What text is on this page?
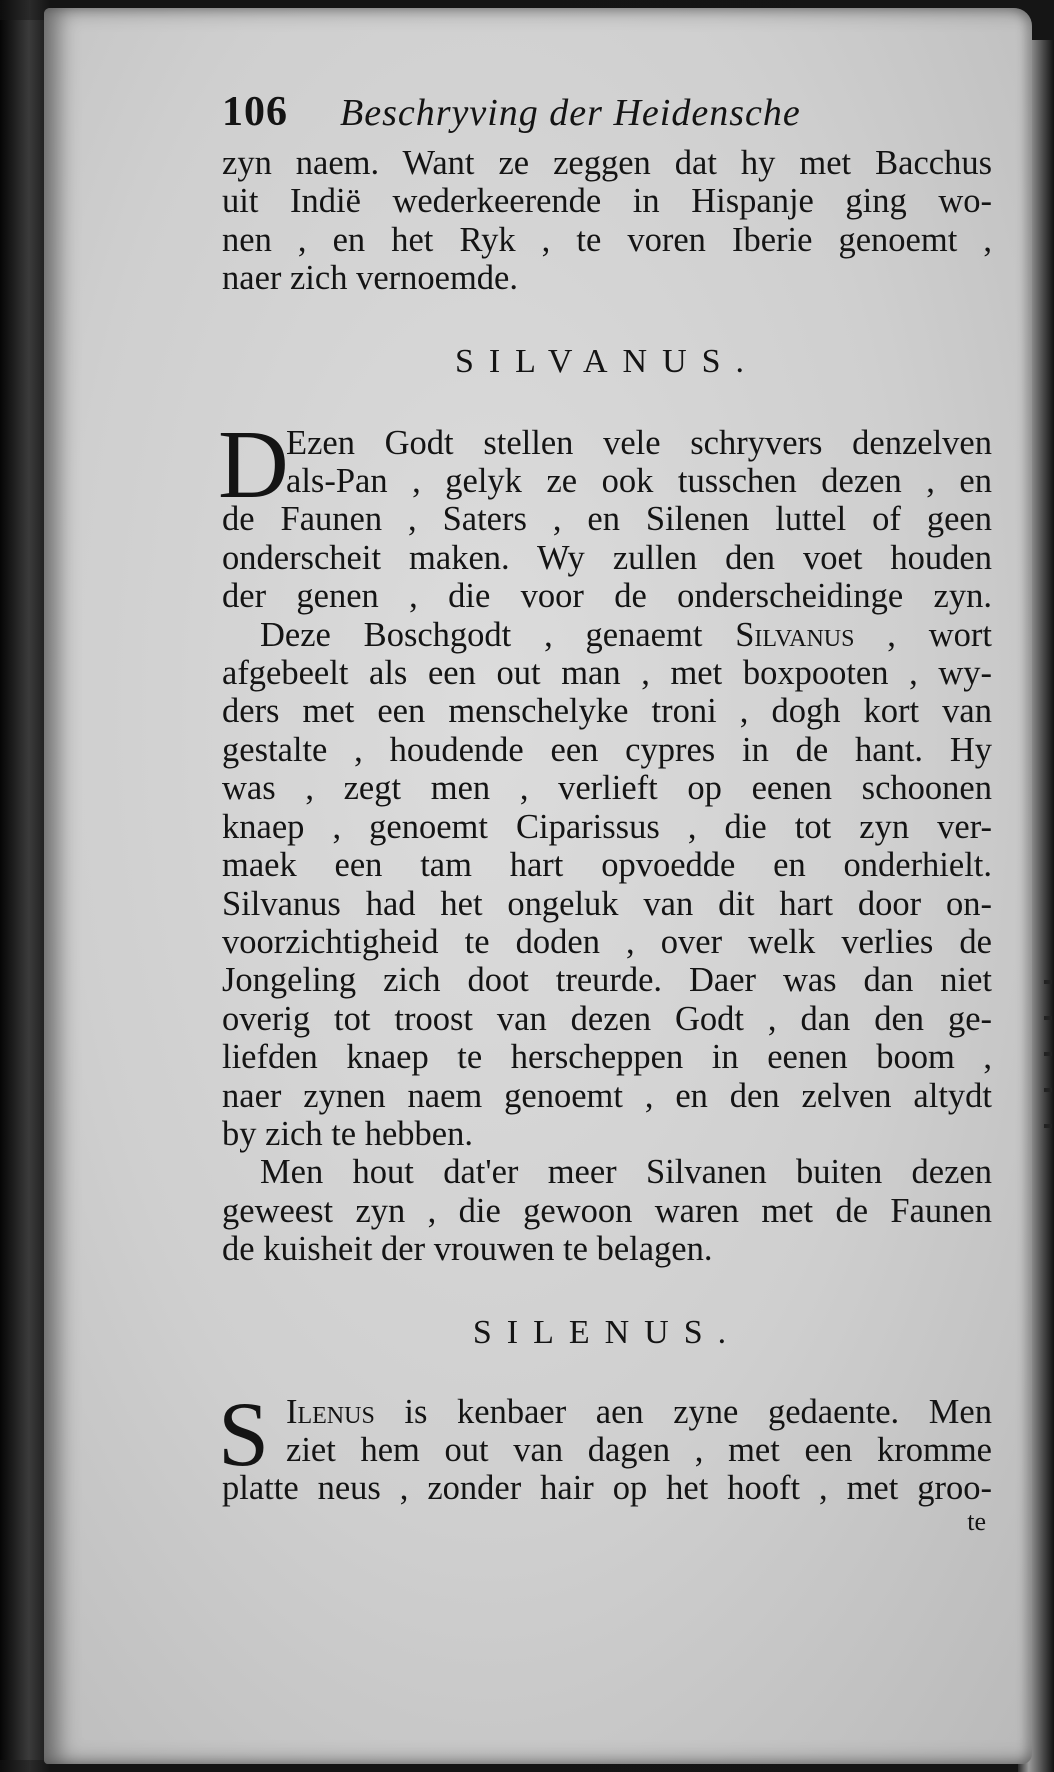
106 Beschryving der Heidensche
zyn naem. Want ze zeggen dat hy met Bacchus
uit Indië wederkeerende in Hispanje ging wo-
nen , en het Ryk , te voren Iberie genoemt ,
naer zich vernoemde.
SILVANUS.
D
Ezen Godt stellen vele schryvers denzelven
als-Pan , gelyk ze ook tusschen dezen , en
de Faunen , Saters , en Silenen luttel of geen
onderscheit maken. Wy zullen den voet houden
der genen , die voor de onderscheidinge zyn.
Deze Boschgodt , genaemt Silvanus , wort
afgebeelt als een out man , met boxpooten , wy-
ders met een menschelyke troni , dogh kort van
gestalte , houdende een cypres in de hant. Hy
was , zegt men , verlieft op eenen schoonen
knaep , genoemt Ciparissus , die tot zyn ver-
maek een tam hart opvoedde en onderhielt.
Silvanus had het ongeluk van dit hart door on-
voorzichtigheid te doden , over welk verlies de
Jongeling zich doot treurde. Daer was dan niet
overig tot troost van dezen Godt , dan den ge-
liefden knaep te herscheppen in eenen boom ,
naer zynen naem genoemt , en den zelven altydt
by zich te hebben.
Men hout dat'er meer Silvanen buiten dezen
geweest zyn , die gewoon waren met de Faunen
de kuisheit der vrouwen te belagen.
SILENUS.
S Ilenus is kenbaer aen zyne gedaente. Men
ziet hem out van dagen , met een kromme
platte neus , zonder hair op het hooft , met groo-
te
